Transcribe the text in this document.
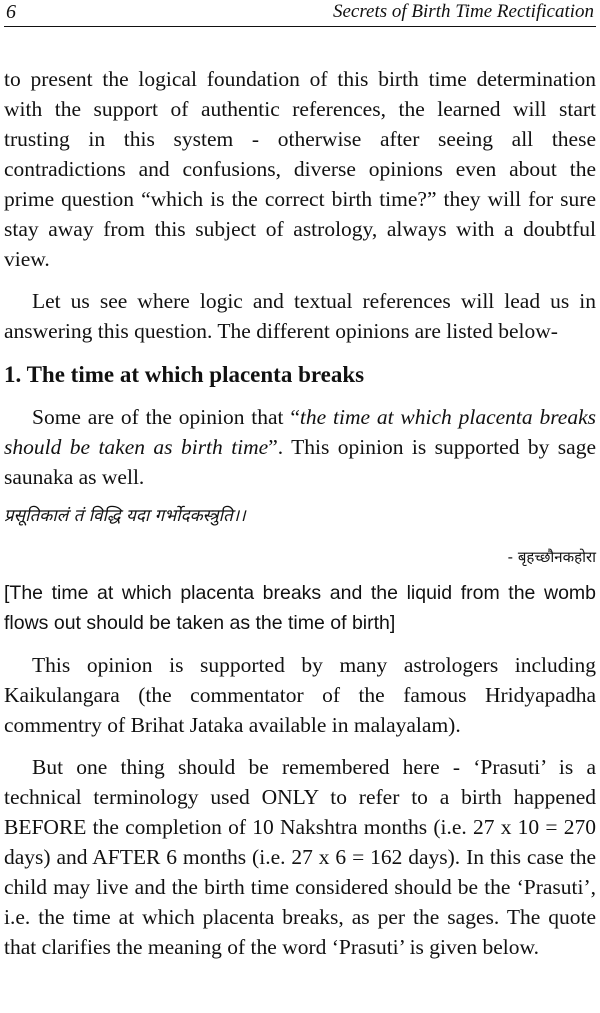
6	Secrets of Birth Time Rectification

to present the logical foundation of this birth time determination with the support of authentic references, the learned will start trusting in this system - otherwise after seeing all these contradictions and confusions, diverse opinions even about the prime question “which is the correct birth time?” they will for sure stay away from this subject of astrology, always with a doubtful view.

Let us see where logic and textual references will lead us in answering this question. The different opinions are listed below-

1. The time at which placenta breaks

Some are of the opinion that “the time at which placenta breaks should be taken as birth time”. This opinion is supported by sage saunaka as well.

प्रसूतिकालं तं विद्धि यदा गर्भोदकस्त्रुति।।
- बृहच्छौनकहोरा
[The time at which placenta breaks and the liquid from the womb flows out should be taken as the time of birth]

This opinion is supported by many astrologers including Kaikulangara (the commentator of the famous Hridyapadha commentry of Brihat Jataka available in malayalam).

But one thing should be remembered here - ‘Prasuti’ is a technical terminology used ONLY to refer to a birth happened BEFORE the completion of 10 Nakshtra months (i.e. 27 x 10 = 270 days) and AFTER 6 months (i.e. 27 x 6 = 162 days). In this case the child may live and the birth time considered should be the ‘Prasuti’, i.e. the time at which placenta breaks, as per the sages. The quote that clarifies the meaning of the word ‘Prasuti’ is given below.
